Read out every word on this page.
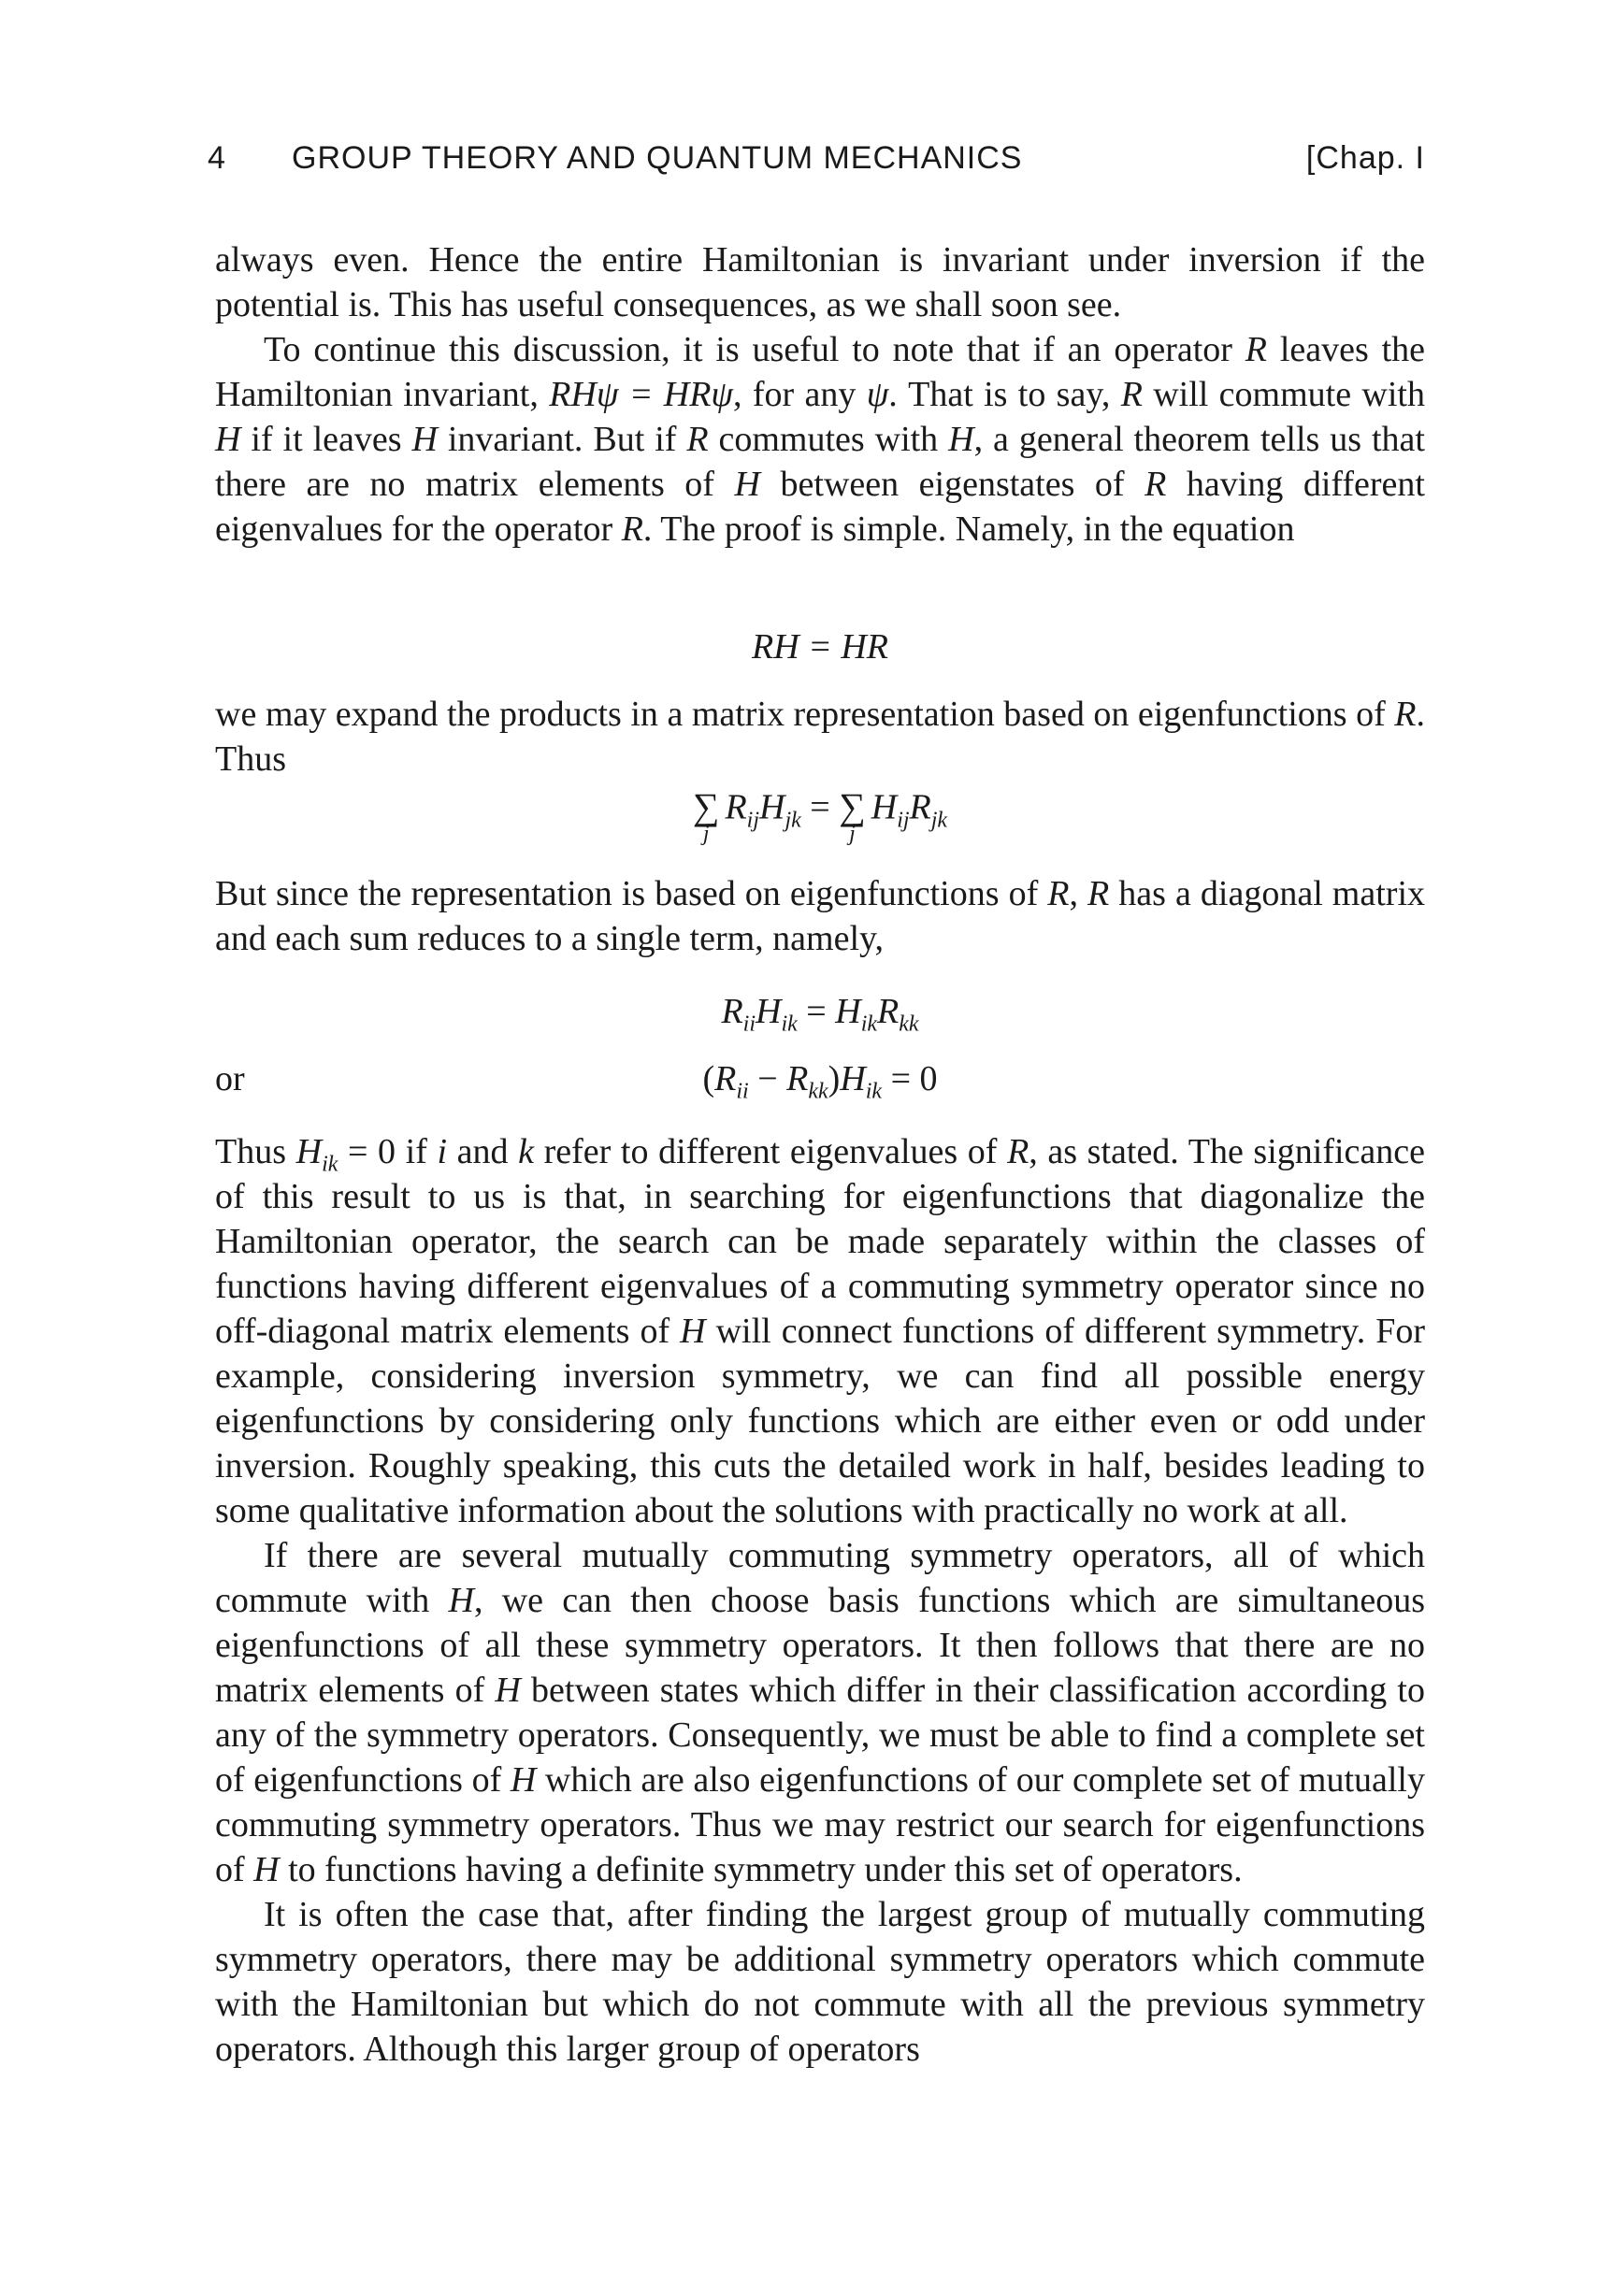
4 GROUP THEORY AND QUANTUM MECHANICS	[Chap. I

always even. Hence the entire Hamiltonian is invariant under inversion if the potential is. This has useful consequences, as we shall soon see.

To continue this discussion, it is useful to note that if an operator R leaves the Hamiltonian invariant, RHψ = HRψ, for any ψ. That is to say, R will commute with H if it leaves H invariant. But if R commutes with H, a general theorem tells us that there are no matrix elements of H between eigenstates of R having different eigenvalues for the operator R. The proof is simple. Namely, in the equation

RH = HR

we may expand the products in a matrix representation based on eigenfunctions of R. Thus

∑
j
$R_{ij}H_{jk}$ = ∑
j
$H_{ij}R_{jk}$

But since the representation is based on eigenfunctions of R, R has a diagonal matrix and each sum reduces to a single term, namely,

$R_{ii}H_{ik} = H_{ik}R_{kk}$
or	$(R_{ii} - R_{kk})H_{ik} = 0$

Thus $H_{ik} = 0$ if i and k refer to different eigenvalues of R, as stated. The significance of this result to us is that, in searching for eigenfunctions that diagonalize the Hamiltonian operator, the search can be made separately within the classes of functions having different eigenvalues of a commuting symmetry operator since no off-diagonal matrix elements of H will connect functions of different symmetry. For example, considering inversion symmetry, we can find all possible energy eigenfunctions by considering only functions which are either even or odd under inversion. Roughly speaking, this cuts the detailed work in half, besides leading to some qualitative information about the solutions with practically no work at all.

If there are several mutually commuting symmetry operators, all of which commute with H, we can then choose basis functions which are simultaneous eigenfunctions of all these symmetry operators. It then follows that there are no matrix elements of H between states which differ in their classification according to any of the symmetry operators. Consequently, we must be able to find a complete set of eigenfunctions of H which are also eigenfunctions of our complete set of mutually commuting symmetry operators. Thus we may restrict our search for eigenfunctions of H to functions having a definite symmetry under this set of operators.

It is often the case that, after finding the largest group of mutually commuting symmetry operators, there may be additional symmetry operators which commute with the Hamiltonian but which do not commute with all the previous symmetry operators. Although this larger group of operators
